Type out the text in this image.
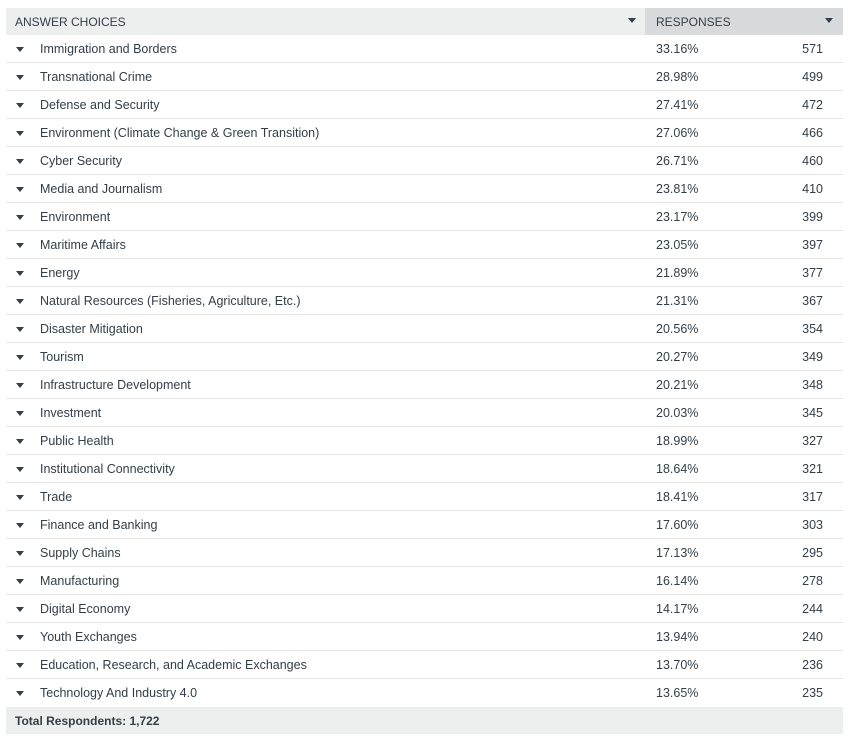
ANSWER CHOICES	RESPONSES
Immigration and Borders	33.16%	571
Transnational Crime	28.98%	499
Defense and Security	27.41%	472
Environment (Climate Change & Green Transition)	27.06%	466
Cyber Security	26.71%	460
Media and Journalism	23.81%	410
Environment	23.17%	399
Maritime Affairs	23.05%	397
Energy	21.89%	377
Natural Resources (Fisheries, Agriculture, Etc.)	21.31%	367
Disaster Mitigation	20.56%	354
Tourism	20.27%	349
Infrastructure Development	20.21%	348
Investment	20.03%	345
Public Health	18.99%	327
Institutional Connectivity	18.64%	321
Trade	18.41%	317
Finance and Banking	17.60%	303
Supply Chains	17.13%	295
Manufacturing	16.14%	278
Digital Economy	14.17%	244
Youth Exchanges	13.94%	240
Education, Research, and Academic Exchanges	13.70%	236
Technology And Industry 4.0	13.65%	235
Total Respondents: 1,722
